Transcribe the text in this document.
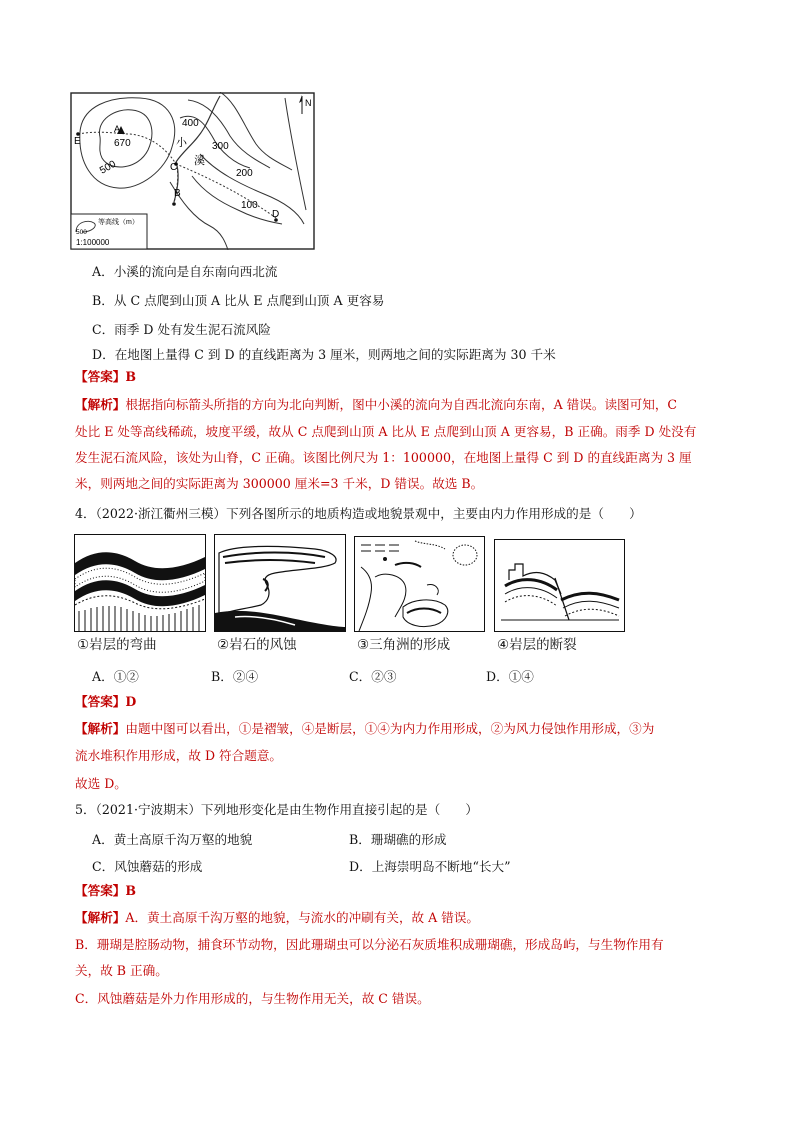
400
300
200
100
500
670
A
B
C
D
E	小
溪
N
500
等高线（m）
1:100000
A．小溪的流向是自东南向西北流
B．从 C 点爬到山顶 A 比从 E 点爬到山顶 A 更容易
C．雨季 D 处有发生泥石流风险
D．在地图上量得 C 到 D 的直线距离为 3 厘米，则两地之间的实际距离为 30 千米
【答案】B
【解析】根据指向标箭头所指的方向为北向判断，图中小溪的流向为自西北流向东南，A 错误。读图可知，C
处比 E 处等高线稀疏，坡度平缓，故从 C 点爬到山顶 A 比从 E 点爬到山顶 A 更容易，B 正确。雨季 D 处没有
发生泥石流风险，该处为山脊，C 正确。该图比例尺为 1：100000，在地图上量得 C 到 D 的直线距离为 3 厘
米，则两地之间的实际距离为 300000 厘米=3 千米，D 错误。故选 B。
4．（2022·浙江衢州三模）下列各图所示的地质构造或地貌景观中，主要由内力作用形成的是（　　）
①岩层的弯曲	②岩石的风蚀	③三角洲的形成	④岩层的断裂
A．①②	B．②④	C．②③	D．①④
【答案】D
【解析】由题中图可以看出，①是褶皱，④是断层，①④为内力作用形成，②为风力侵蚀作用形成，③为
流水堆积作用形成，故 D 符合题意。
故选 D。
5．（2021·宁波期末）下列地形变化是由生物作用直接引起的是（　　）
A．黄土高原千沟万壑的地貌	B．珊瑚礁的形成
C．风蚀蘑菇的形成	D．上海崇明岛不断地“长大”
【答案】B
【解析】A．黄土高原千沟万壑的地貌，与流水的冲刷有关，故 A 错误。
B．珊瑚是腔肠动物，捕食环节动物，因此珊瑚虫可以分泌石灰质堆积成珊瑚礁，形成岛屿，与生物作用有
关，故 B 正确。
C．风蚀蘑菇是外力作用形成的，与生物作用无关，故 C 错误。
